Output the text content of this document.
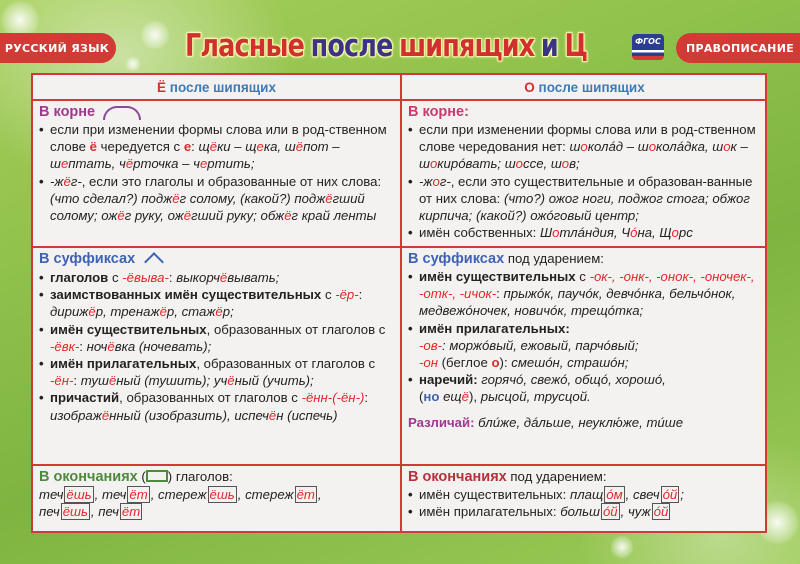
РУССКИЙ ЯЗЫК Гласные после шипящих и Ц	ФГОС ПРАВОПИСАНИЕ
Ё после шипящих	О после шипящих
В корне
• если при изменении формы слова или в род-ственном слове ё чередуется с е: щёки – щека, шёпот – шептать, чёрточка – чертить;
• -жёг-, если это глаголы и образованные от них слова: (что сделал?) поджёг солому, (какой?) поджёгший солому; ожёг руку, ожёгший руку; обжёг край ленты
В корне:
• если при изменении формы слова или в род-ственном слове чередования нет: шоколáд – шоколáдка, шок – шокирóвать; шоссе, шов;
• -жог-, если это существительные и образован-ванные от них слова: (что?) ожог ноги, поджог стога; обжог кирпича; (какой?) ожóговый центр;
• имён собственных: Шотлáндия, Чóна, Щорс
В суффиксах
• глаголов с -ёвыва-: выкорчёвывать;
• заимствованных имён существительных с -ёр-: дирижёр, тренажёр, стажёр;
• имён существительных, образованных от глаголов с -ёвк-: ночёвка (ночевать);
• имён прилагательных, образованных от глаголов с -ён-: тушёный (тушить); учёный (учить);
• причастий, образованных от глаголов с -ённ-(-ён-): изображённый (изобразить), испечён (испечь)
В суффиксах под ударением:
• имён существительных с -ок-, -онк-, -онок-, -оночек-, -отк-, -ичок-: прыжóк, паучóк, девчóнка, бельчóнок, медвежóночек, новичóк, трещóтка;
• имён прилагательных:
-ов-: моржóвый, ежовый, парчóвый;
-он (беглое о): смешóн, страшóн;
• наречий: горячó, свежó, общó, хорошó,
(но ещё), рысцой, трусцой.
Различай: блúже, дáльше, неуклю́же, тúше
В окончаниях ( ) глаголов:
теч ёшь , теч ёт , стереж ёшь , стереж ёт ,
печ ёшь , печ ёт
В окончаниях под ударением:
• имён существительных: плащ óм , свеч óй ;
• имён прилагательных: больш óй , чуж óй
